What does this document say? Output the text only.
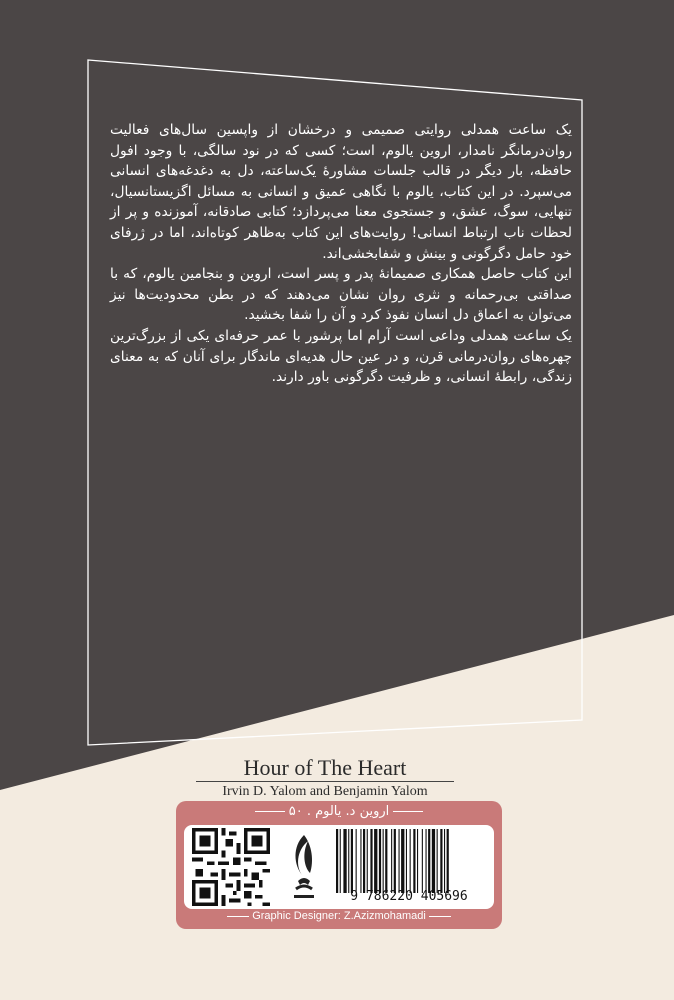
یک ساعت همدلی روایتی صمیمی و درخشان از واپسین سال‌های فعالیت روان‌درمانگر نامدار، اروین یالوم، است؛ کسی که در نود سالگی، با وجود افول حافظه، بار دیگر در قالب جلسات مشاورهٔ یک‌ساعته، دل به دغدغه‌های انسانی می‌سپرد. در این کتاب، یالوم با نگاهی عمیق و انسانی به مسائل اگزیستانسیال، تنهایی، سوگ، عشق، و جستجوی معنا می‌پردازد؛ کتابی صادقانه، آموزنده و پر از لحظات ناب ارتباط انسانی! روایت‌های این کتاب به‌ظاهر کوتاه‌اند، اما در ژرفای خود حامل دگرگونی و بینش و شفابخشی‌اند.

این کتاب حاصل همکاری صمیمانهٔ پدر و پسر است، اروین و بنجامین یالوم، که با صداقتی بی‌رحمانه و نثری روان نشان می‌دهند که در بطن محدودیت‌ها نیز می‌توان به اعماق دل انسان نفوذ کرد و آن را شفا بخشید.

یک ساعت همدلی وداعی است آرام اما پرشور با عمر حرفه‌ای یکی از بزرگ‌ترین چهره‌های روان‌درمانی قرن، و در عین حال هدیه‌ای ماندگار برای آنان که به معنای زندگی، رابطهٔ انسانی، و ظرفیت دگرگونی باور دارند.

Hour of The Heart
Irvin D. Yalom and Benjamin Yalom
اروین د. یالوم . ۵۰
9 786220 405696
Graphic Designer: Z.Azizmohamadi
